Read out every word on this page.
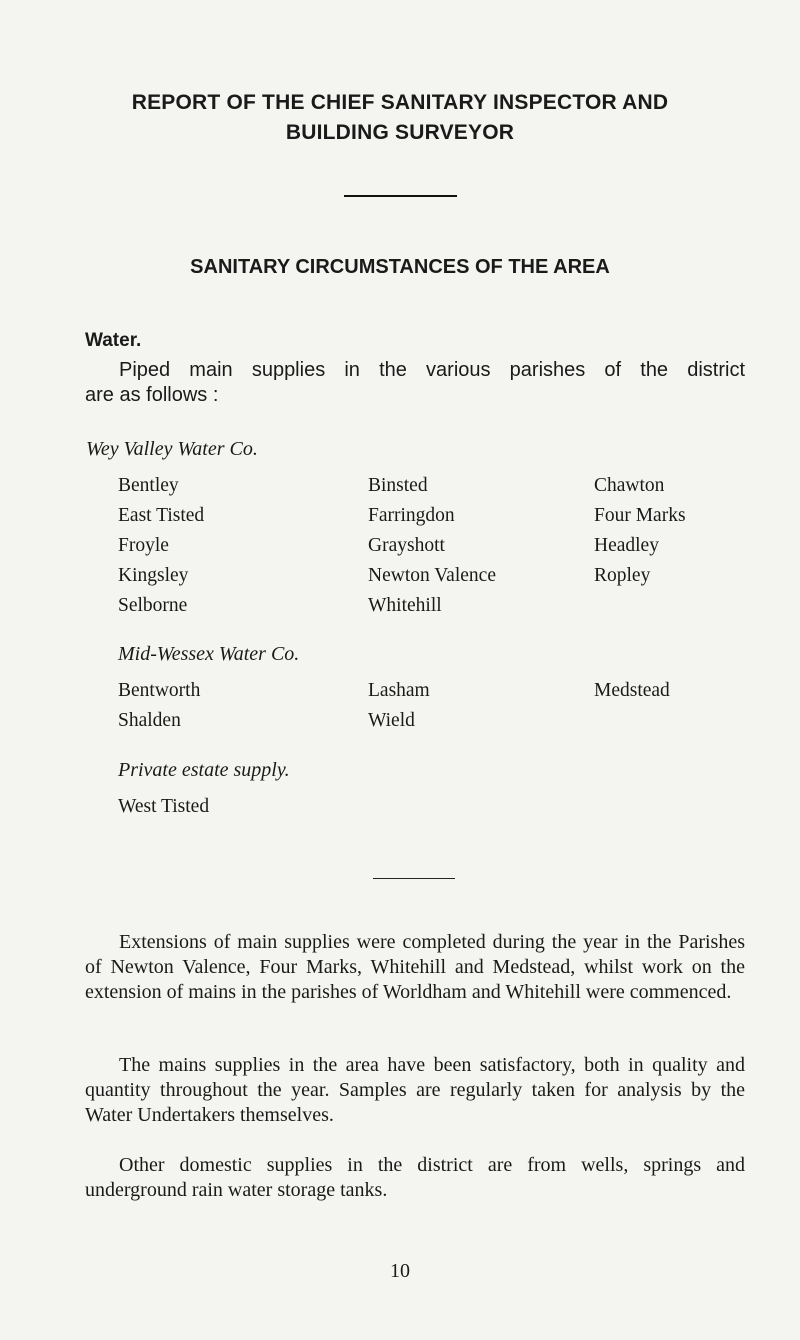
REPORT OF THE CHIEF SANITARY INSPECTOR AND
BUILDING SURVEYOR
SANITARY CIRCUMSTANCES OF THE AREA
Water.
Piped main supplies in the various parishes of the district
are as follows :
Wey Valley Water Co.
Bentley	Binsted	Chawton
East Tisted	Farringdon	Four Marks
Froyle	Grayshott	Headley
Kingsley	Newton Valence	Ropley
Selborne	Whitehill
Mid-Wessex Water Co.
Bentworth	Lasham	Medstead
Shalden	Wield
Private estate supply.
West Tisted
Extensions of main supplies were completed during the year in the Parishes of Newton Valence, Four Marks, Whitehill and Medstead, whilst work on the extension of mains in the parishes of Worldham and Whitehill were commenced.
The mains supplies in the area have been satisfactory, both in quality and quantity throughout the year. Samples are regularly taken for analysis by the Water Undertakers themselves.
Other domestic supplies in the district are from wells, springs and underground rain water storage tanks.
10
